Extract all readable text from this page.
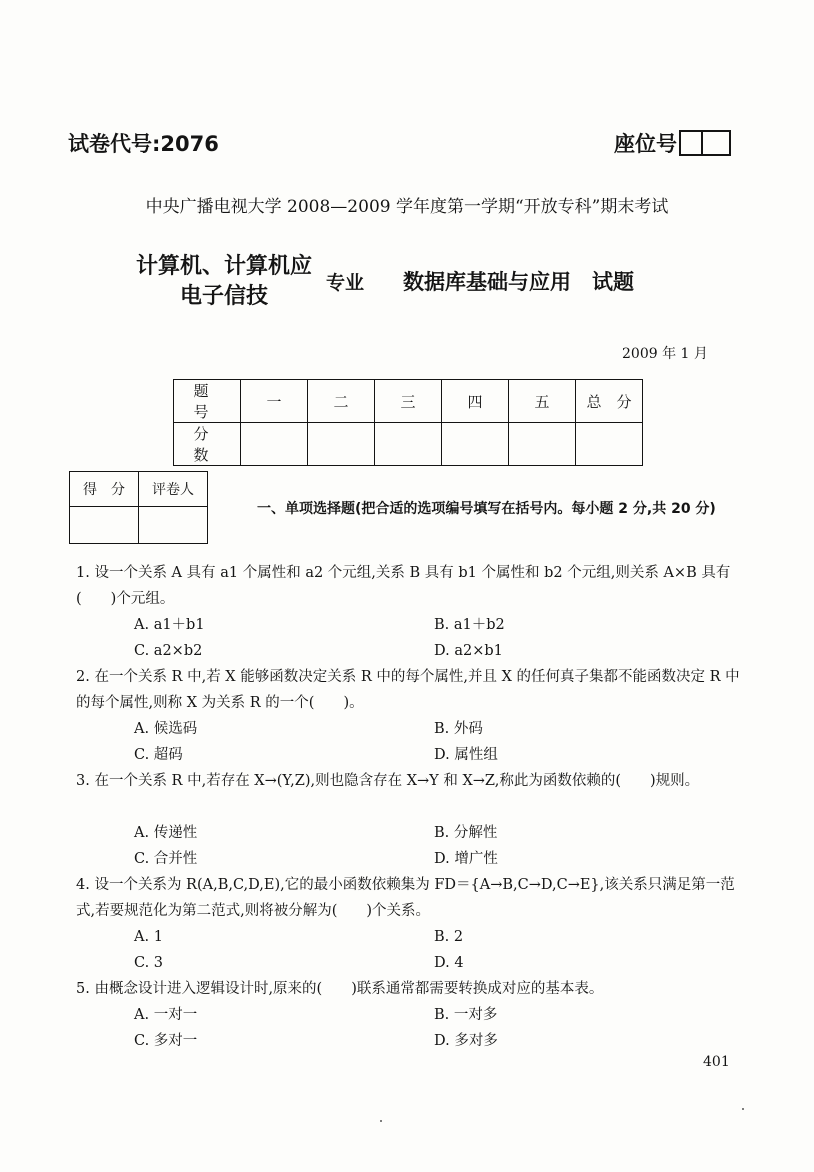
试卷代号:2076	座位号
中央广播电视大学 2008—2009 学年度第一学期“开放专科”期末考试
计算机、计算机应
电子信技
专业 数据库基础与应用　试题
2009 年 1 月
题　号	一	二	三	四	五	总　分
分　数						
得　分	评卷人

一、单项选择题(把合适的选项编号填写在括号内。每小题 2 分,共 20 分)
1. 设一个关系 A 具有 a1 个属性和 a2 个元组,关系 B 具有 b1 个属性和 b2 个元组,则关系 A×B 具有(　　)个元组。
A. a1＋b1	B. a1＋b2
C. a2×b2	D. a2×b1
2. 在一个关系 R 中,若 X 能够函数决定关系 R 中的每个属性,并且 X 的任何真子集都不能函数决定 R 中的每个属性,则称 X 为关系 R 的一个(　　)。
A. 候选码	B. 外码
C. 超码	D. 属性组
3. 在一个关系 R 中,若存在 X→(Y,Z),则也隐含存在 X→Y 和 X→Z,称此为函数依赖的(　　)规则。
A. 传递性	B. 分解性
C. 合并性	D. 增广性
4. 设一个关系为 R(A,B,C,D,E),它的最小函数依赖集为 FD＝{A→B,C→D,C→E},该关系只满足第一范式,若要规范化为第二范式,则将被分解为(　　)个关系。
A. 1	B. 2
C. 3	D. 4
5. 由概念设计进入逻辑设计时,原来的(　　)联系通常都需要转换成对应的基本表。
A. 一对一	B. 一对多
C. 多对一	D. 多对多
401
